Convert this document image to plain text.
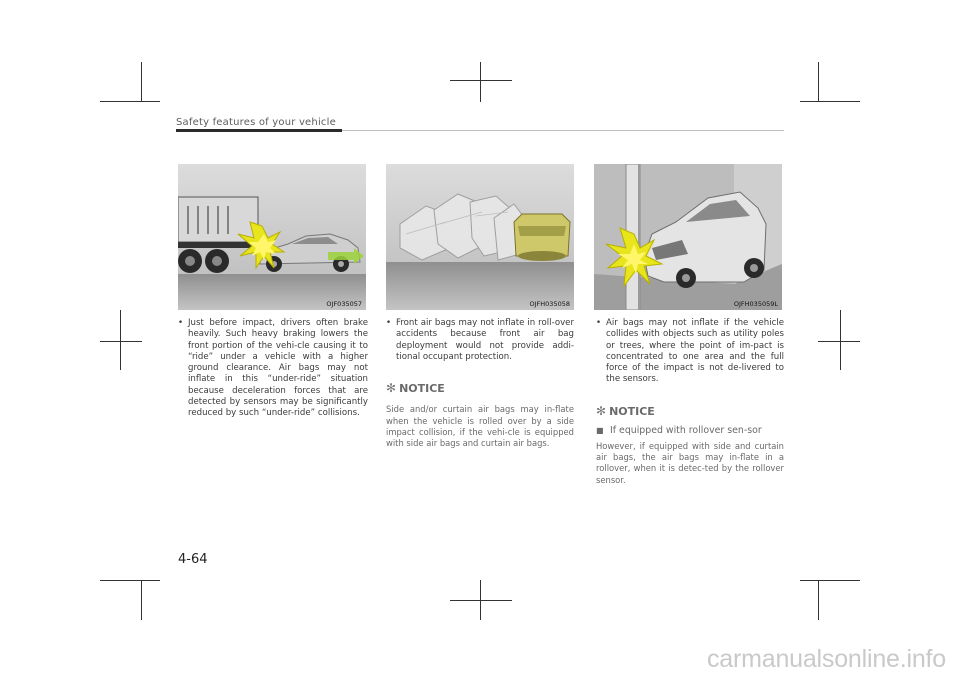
Safety features of your vehicle
OJF035057	OJFH035058	OJFH035059L
• Just before impact, drivers often brake heavily. Such heavy braking lowers the front portion of the vehi-cle causing it to “ride” under a vehicle with a higher ground clearance. Air bags may not inflate in this “under-ride” situation because deceleration forces that are detected by sensors may be significantly reduced by such “under-ride” collisions.
• Front air bags may not inflate in roll-over accidents because front air bag deployment would not provide addi-tional occupant protection.
✻ NOTICE
Side and/or curtain air bags may in-flate when the vehicle is rolled over by a side impact collision, if the vehi-cle is equipped with side air bags and curtain air bags.
• Air bags may not inflate if the vehicle collides with objects such as utility poles or trees, where the point of im-pact is concentrated to one area and the full force of the impact is not de-livered to the sensors.
✻ NOTICE
■ If equipped with rollover sen-sor
However, if equipped with side and curtain air bags, the air bags may in-flate in a rollover, when it is detec-ted by the rollover sensor.
4-64
carmanualsonline.info
